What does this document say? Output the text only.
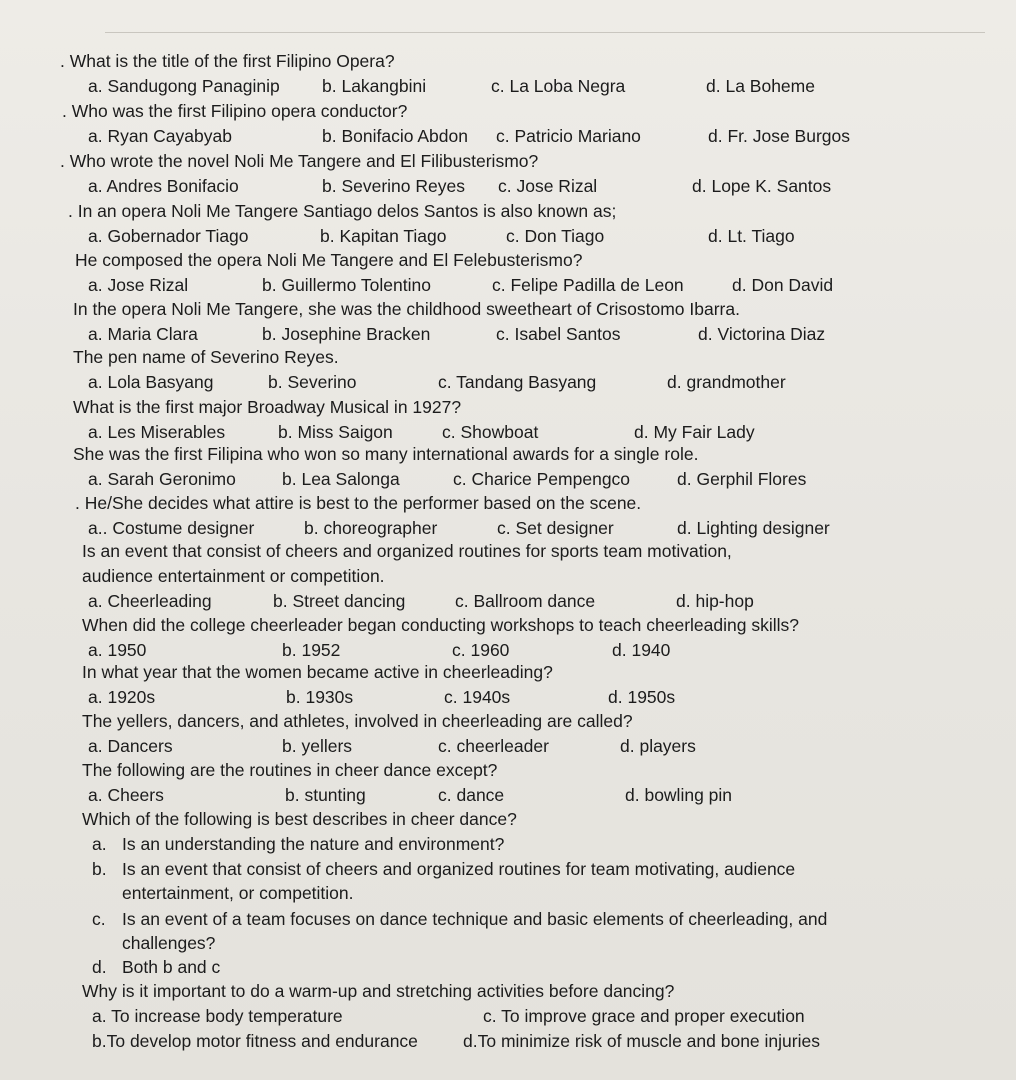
. What is the title of the first Filipino Opera?
a. Sandugong Panaginip b. Lakangbini	c. La Loba Negra	d. La Boheme
. Who was the first Filipino opera conductor?
a. Ryan Cayabyab	b. Bonifacio Abdon c. Patricio Mariano	d. Fr. Jose Burgos
. Who wrote the novel Noli Me Tangere and El Filibusterismo?
a. Andres Bonifacio	b. Severino Reyes c. Jose Rizal	d. Lope K. Santos
. In an opera Noli Me Tangere Santiago delos Santos is also known as;
a. Gobernador Tiago	b. Kapitan Tiago	c. Don Tiago	d. Lt. Tiago
He composed the opera Noli Me Tangere and El Felebusterismo?
a. Jose Rizal	b. Guillermo Tolentino	c. Felipe Padilla de Leon	d. Don David
In the opera Noli Me Tangere, she was the childhood sweetheart of Crisostomo Ibarra.
a. Maria Clara	b. Josephine Bracken	c. Isabel Santos	d. Victorina Diaz
The pen name of Severino Reyes.
a. Lola Basyang	b. Severino	c. Tandang Basyang	d. grandmother
What is the first major Broadway Musical in 1927?
a. Les Miserables	b. Miss Saigon	c. Showboat	d. My Fair Lady
She was the first Filipina who won so many international awards for a single role.
a. Sarah Geronimo	b. Lea Salonga	c. Charice Pempengco	d. Gerphil Flores
. He/She decides what attire is best to the performer based on the scene.
a.. Costume designer	b. choreographer	c. Set designer	d. Lighting designer
Is an event that consist of cheers and organized routines for sports team motivation,
audience entertainment or competition.
a. Cheerleading	b. Street dancing	c. Ballroom dance	d. hip-hop
When did the college cheerleader began conducting workshops to teach cheerleading skills?
a. 1950	b. 1952	c. 1960	d. 1940
In what year that the women became active in cheerleading?
a. 1920s	b. 1930s	c. 1940s	d. 1950s
The yellers, dancers, and athletes, involved in cheerleading are called?
a. Dancers	b. yellers	c. cheerleader	d. players
The following are the routines in cheer dance except?
a. Cheers	b. stunting	c. dance	d. bowling pin
Which of the following is best describes in cheer dance?
a. Is an understanding the nature and environment?
b. Is an event that consist of cheers and organized routines for team motivating, audience
entertainment, or competition.
c. Is an event of a team focuses on dance technique and basic elements of cheerleading, and
challenges?
d. Both b and c
Why is it important to do a warm-up and stretching activities before dancing?
a. To increase body temperature	c. To improve grace and proper execution
b.To develop motor fitness and endurance	d.To minimize risk of muscle and bone injuries
